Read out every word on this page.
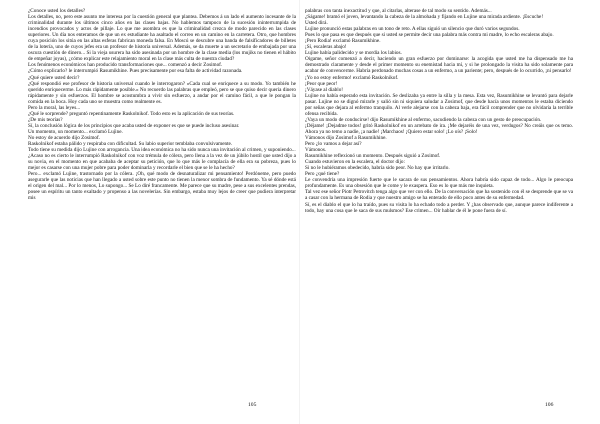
¿Conoce usted los detalles?

Los detalles, no, pero este asunto me interesa por la cuestión general que plantea. Debemos á un lado el aumento incesante de la criminalidad durante los últimos cinco años en las clases bajas. No hablemos tampoco de la sucesión ininterrumpida de incendios provocados y actos de pillaje. Lo que me asombra es que la criminalidad crezca de modo parecido en las clases superiores. Un día nos enteramos de que un ex estudiante ha asaltado el correo en un camino en la carretera. Otro, que hombres cuya posición los sitúa en las altas esferas fabrican moneda falsa. En Moscú se descubre una banda de falsificadores de billetes de la lotería, uno de cuyos jefes era un profesor de historia universal. Además, se da muerte a un secretario de embajada por una oscura cuestión de dinero... Si la vieja usurera ha sido asesinada por un hombre de la clase media (los mujiks no tienen el hábito de empeñar joyas), ¿cómo explicar este relajamiento moral en la clase más culta de nuestra ciudad?

Los fenómenos económicos han producido transformaciones que... comenzó a decir Zosimof.

¿Cómo explicarlo? le interrumpió Rasumikhine. Pues precisamente por esa falta de actividad razonada.

¿Qué quiere usted decir?

¿Qué respondió ese profesor de historia universal cuando le interrogaron? «Cada cual se enriquece a su modo. Yo también he querido enriquecerme. Lo más rápidamente posible.» No recuerdo las palabras que empleó, pero se que quiso decir quería dinero rápidamente y sin esfuerzos. El hombre se acostumbra a vivir sin esfuerzo, a andar por el camino fácil, a que le pongan la comida en la boca. Hoy cada uno se muestra como realmente es.

Pero la moral, las leyes...

¿Qué le sorprende? preguntó repentinamente Raskolnikof. Todo esto es la aplicación de sus teorías.

¿De mis teorías?

Sí, la conclusión lógica de los principios que acaba usted de exponer es que se puede incluso asesinar.

Un momento, un momento... exclamó Lujine.

No estoy de acuerdo dijo Zosimof.

Raskolnikof estaba pálido y respiraba con dificultad. Su labio superior temblaba convulsivamente.

Todo tiene su medida dijo Lujine con arrogancia. Una idea económica no ha sido nunca una invitación al crimen, y suponiendo...

¿Acaso no es cierto le interrumpió Raskolnikof con voz trémula de cólera, pero llena a la vez de un júbilo hostil que usted dijo a su novia, en el momento en que acababa de aceptar su petición, que lo que más le complacía de ella era su pobreza, pues lo mejor es casarse con una mujer pobre para poder dominarla y recordarle el bien que se le ha hecho?

Pero... exclamó Lujine, trastornado por la cólera. ¡Oh, qué modo de desnaturalizar mi pensamiento! Perdóneme, pero puedo asegurarle que las noticias que han llegado a usted sobre este punto no tienen la menor sombra de fundamento. Ya sé dónde está el origen del mal... Por lo menos, Lo supongo... Se Lo diré francamente. Me parece que su madre, pese a sus excelentes prendas, posee un espíritu un tanto exaltado y propenso a las novelerías. Sin embargo, estaba muy lejos de creer que pudiera interpretar mis

palabras con tanta inexactitud y que, al citarlas, alterase de tal modo su sentido. Además...

¿Ságame! bramó el joven, levantando la cabeza de la almohada y fijando en Lujine una mirada ardiente. ¡Escuche!

Usted dirá.

Lujine pronunció estas palabras en un tono de reto. A ellas siguió un silencio que duró varios segundos.

Pues lo que pasa es que después que si usted se permite decir una palabra más contra mi madre, lo echo escaleras abajo.

¡Pero Rodia! exclamó Rasumikhine.

¡Sí, escaleras abajo!

Lujine había palidecido y se mordía los labios.

Oigame, señor comenzó a decir, haciendo un gran esfuerzo por dominarse: la acogida que usted me ha dispensado me ha demostrado claramente y desde el primer momento su enemistad hacia mí, y si he prolongado la visita ha sido solamente para acabar de convencerme. Habría perdonado muchas cosas a un enfermo, a un pariente; pero, después de lo ocurrido, ¡ni pensarlo!

¡Yo no estoy enfermo! exclamó Raskolnikof.

¡Peor que peor!

¡Váyase al diablo!

Lujine no había esperado esta invitación. Se deslizaba ya entre la silla y la mesa. Esta vez, Rasumikhine se levantó para dejarle pasar. Lujine no se dignó mirarle y salió sin ni siquiera saludar a Zosimof, que desde hacía unos momentos le estaba diciendo por señas que dejara al enfermo tranquilo. Al verle alejarse con la cabeza baja, era fácil comprender que no olvidaría la terrible ofensa recibida.

¿Vaya un modo de conducirse! dijo Rasumikhine al enfermo, sacudiendo la cabeza con un gesto de preocupación.

¡Déjame! ¡Dejadme todos! gritó Raskolnikof en un arrebato de ira. ¡Me dejaréis de una vez, verdugos? No creáis que os temo. Ahora ya no temo a nadie, ¡a nadie! ¡Marchaos! ¡Quiero estar solo! ¡Lo oís? ¡Solo!

Vámonos dijo Zosimof a Rasumikhine.

Pero ¿lo vamos a dejar así?

Vámonos.

Rasumikhine reflexionó un momento. Después siguió a Zosimof.

Cuando estuvieron en la escalera, el doctor dijo:

Si no le hubiéramos obedecido, habría sido peor. No hay que irritarlo.

Pero ¿qué tiene?

Le convendría una impresión fuerte que le sacara de sus pensamientos. Ahora habría sido capaz de todo... Algo le preocupa profundamente. Es una obsesión que le come y le exaspera. Eso es lo que más me inquieta.

Tal vez ese señor Piotr Petrovitch tenga algo que ver con ello. De la conversación que ha sostenido con él se desprende que se va a casar con la hermana de Rodia y que nuestro amigo se ha enterado de ello poco antes de su enfermedad.

Sí, es el diablo el que lo ha traído, pues su visita lo ha echado todo a perder. Y ¿has observado que, aunque parece indiferente a todo, hay una cosa que le saca de sus mulsmos? Ese crimen... Oír hablar de él le pone fuera de sí.

105	106
